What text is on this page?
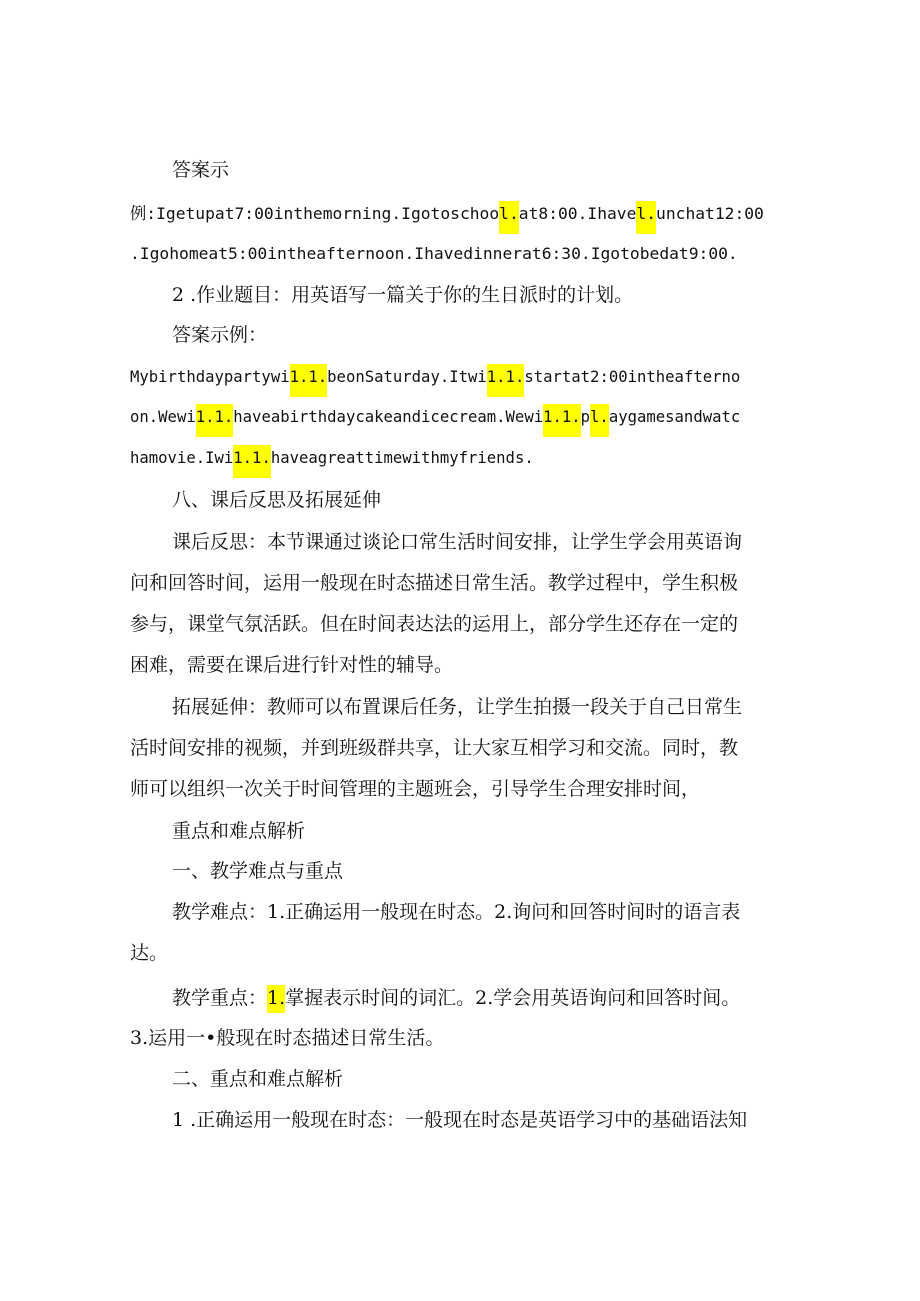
答案示
例:Igetupat7:00inthemorning.Igotoschool.at8:00.Ihavel.unchat12:00
.Igohomeat5:00intheafternoon.Ihavedinnerat6:30.Igotobedat9:00.
2 .作业题目：用英语写一篇关于你的生日派时的计划。
答案示例：
Mybirthdaypartywi1.1.beonSaturday.Itwi1.1.startat2:00intheafterno
on.Wewi1.1.haveabirthdaycakeandicecream.Wewi1.1.pl.aygamesandwatc
hamovie.Iwi1.1.haveagreattimewithmyfriends.
八、课后反思及拓展延伸
课后反思：本节课通过谈论口常生活时间安排，让学生学会用英语询
问和回答时间，运用一般现在时态描述日常生活。教学过程中，学生积极
参与，课堂气氛活跃。但在时间表达法的运用上，部分学生还存在一定的
困难，需要在课后进行针对性的辅导。
拓展延伸：教师可以布置课后任务，让学生拍摄一段关于自己日常生
活时间安排的视频，并到班级群共享，让大家互相学习和交流。同时，教
师可以组织一次关于时间管理的主题班会，引导学生合理安排时间，
重点和难点解析
一、教学难点与重点
教学难点：1.正确运用一般现在时态。2.询问和回答时间时的语言表
达。
教学重点：1.掌握表示时间的词汇。2.学会用英语询问和回答时间。
3.运用一•般现在时态描述日常生活。
二、重点和难点解析
1 .正确运用一般现在时态：一般现在时态是英语学习中的基础语法知
